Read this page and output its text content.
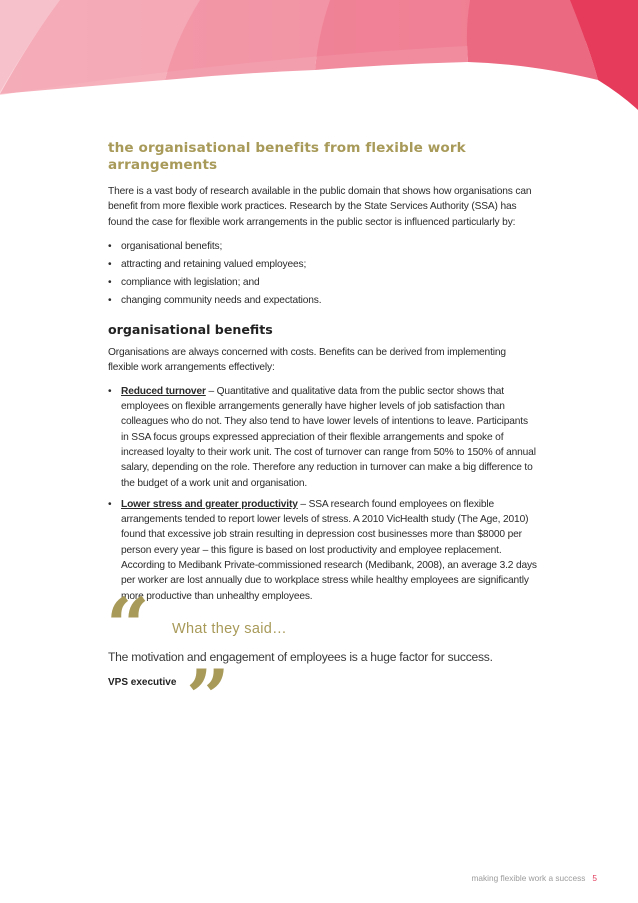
the organisational benefits from flexible work arrangements

There is a vast body of research available in the public domain that shows how organisations can benefit from more flexible work practices. Research by the State Services Authority (SSA) has found the case for flexible work arrangements in the public sector is influenced particularly by:

• organisational benefits;
• attracting and retaining valued employees;
• compliance with legislation; and
• changing community needs and expectations.
organisational benefits

Organisations are always concerned with costs. Benefits can be derived from implementing flexible work arrangements effectively:

• Reduced turnover – Quantitative and qualitative data from the public sector shows that employees on flexible arrangements generally have higher levels of job satisfaction than colleagues who do not. They also tend to have lower levels of intentions to leave. Participants in SSA focus groups expressed appreciation of their flexible arrangements and spoke of increased loyalty to their work unit. The cost of turnover can range from 50% to 150% of annual salary, depending on the role. Therefore any reduction in turnover can make a big difference to the budget of a work unit and organisation.
• Lower stress and greater productivity – SSA research found employees on flexible arrangements tended to report lower levels of stress. A 2010 VicHealth study (The Age, 2010) found that excessive job strain resulting in depression cost businesses more than $8000 per person every year – this figure is based on lost productivity and employee replacement. According to Medibank Private-commissioned research (Medibank, 2008), an average 3.2 days per worker are lost annually due to workplace stress while healthy employees are significantly more productive than unhealthy employees.
“ What they said…
The motivation and engagement of employees is a huge factor for success.
VPS executive ”
making flexible work a success 5
